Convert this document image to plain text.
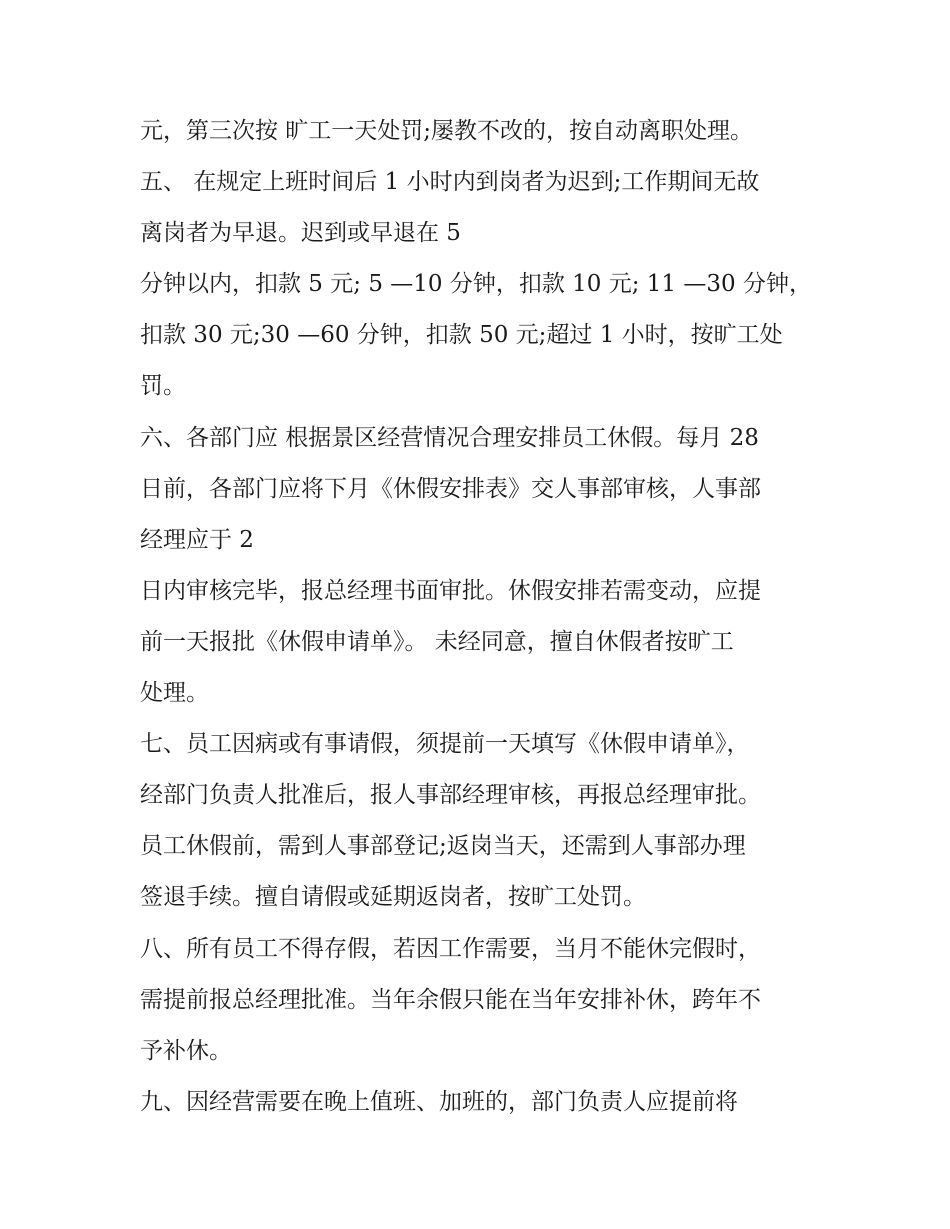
元，第三次按 旷工一天处罚;屡教不改的，按自动离职处理。
五、 在规定上班时间后 1 小时内到岗者为迟到;工作期间无故
离岗者为早退。迟到或早退在 5
分钟以内，扣款 5 元; 5 —10 分钟，扣款 10 元; 11 —30 分钟，
扣款 30 元;30 —60 分钟，扣款 50 元;超过 1 小时，按旷工处
罚。
六、各部门应 根据景区经营情况合理安排员工休假。每月 28
日前，各部门应将下月《休假安排表》交人事部审核，人事部
经理应于 2
日内审核完毕，报总经理书面审批。休假安排若需变动，应提
前一天报批《休假申请单》。 未经同意，擅自休假者按旷工
处理。
七、员工因病或有事请假，须提前一天填写《休假申请单》，
经部门负责人批准后，报人事部经理审核，再报总经理审批。
员工休假前，需到人事部登记;返岗当天，还需到人事部办理
签退手续。擅自请假或延期返岗者，按旷工处罚。
八、所有员工不得存假，若因工作需要，当月不能休完假时，
需提前报总经理批准。当年余假只能在当年安排补休，跨年不
予补休。
九、因经营需要在晚上值班、加班的，部门负责人应提前将
